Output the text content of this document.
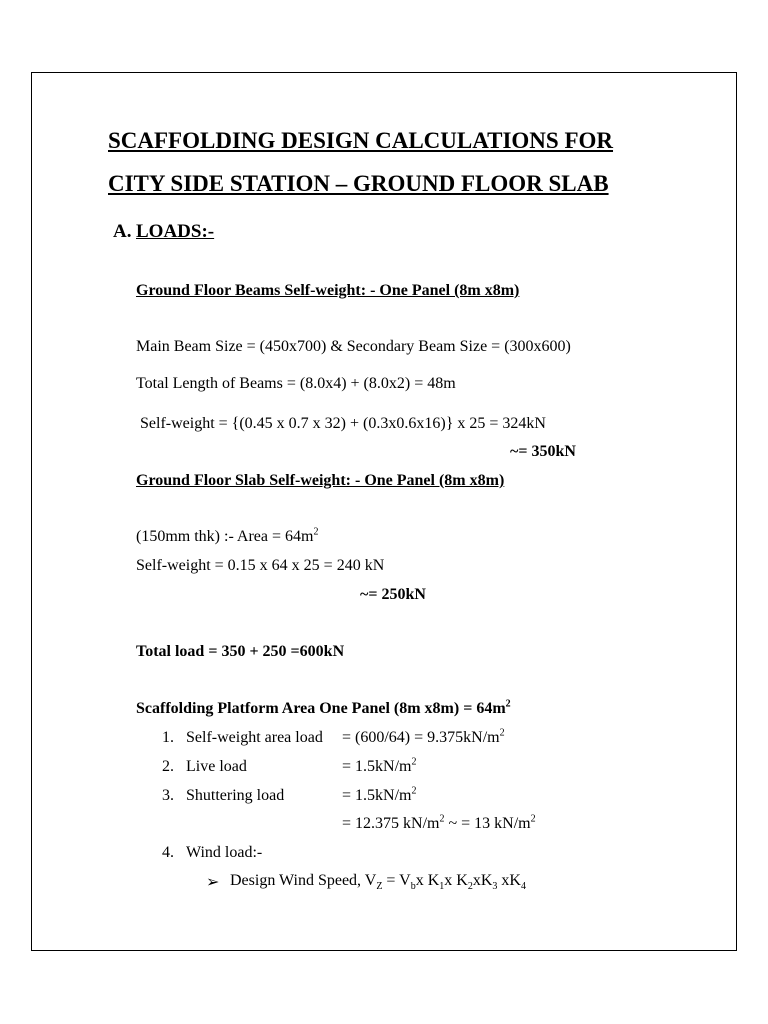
SCAFFOLDING DESIGN CALCULATIONS FOR
CITY SIDE STATION – GROUND FLOOR SLAB
A. LOADS:-
Ground Floor Beams Self-weight: - One Panel (8m x8m)
Main Beam Size = (450x700) & Secondary Beam Size = (300x600)
Total Length of Beams = (8.0x4) + (8.0x2) = 48m
Self-weight = {(0.45 x 0.7 x 32) + (0.3x0.6x16)} x 25 = 324kN
~= 350kN
Ground Floor Slab Self-weight: - One Panel (8m x8m)
(150mm thk) :- Area = $64m^2$
Self-weight = 0.15 x 64 x 25 = 240 kN
~= 250kN
Total load = 350 + 250 =600kN
Scaffolding Platform Area One Panel (8m $x8m) = 64m^2$
1. Self-weight area load = $(600/64) = 9.375kN/m^2$
2. Live load	= $1.5kN/m^2$
3. Shuttering load	= $1.5kN/m^2$
= 12.375 $kN/m^2$ ~ = 13 $kN/m^2$
4. Wind load:-
➢ Design Wind Speed, $V_Z = V_bx$ $K_1x$ $K_2xK_3$ $xK_4$
